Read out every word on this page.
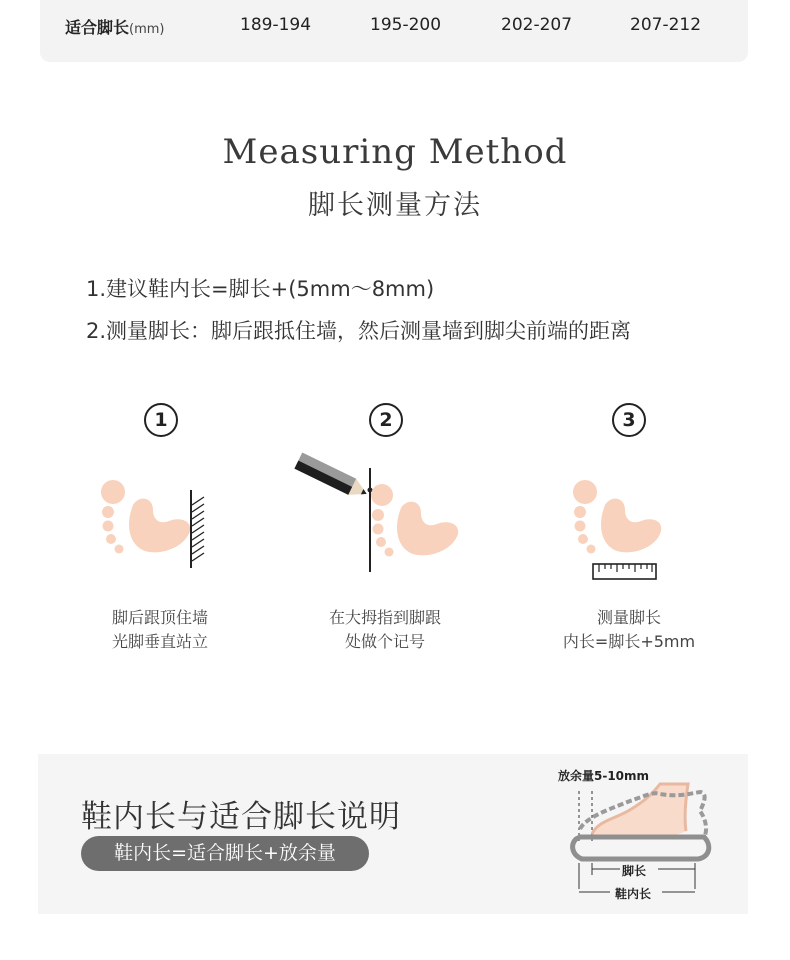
适合脚长(mm)	189-194	195-200	202-207	207-212
Measuring Method
脚长测量方法
1.建议鞋内长=脚长+(5mm～8mm)
2.测量脚长：脚后跟抵住墙，然后测量墙到脚尖前端的距离
1
脚后跟顶住墙
光脚垂直站立
2
在大拇指到脚跟
处做个记号
3
测量脚长
内长=脚长+5mm
鞋内长与适合脚长说明
鞋内长=适合脚长+放余量
放余量5-10mm
脚长
鞋内长
